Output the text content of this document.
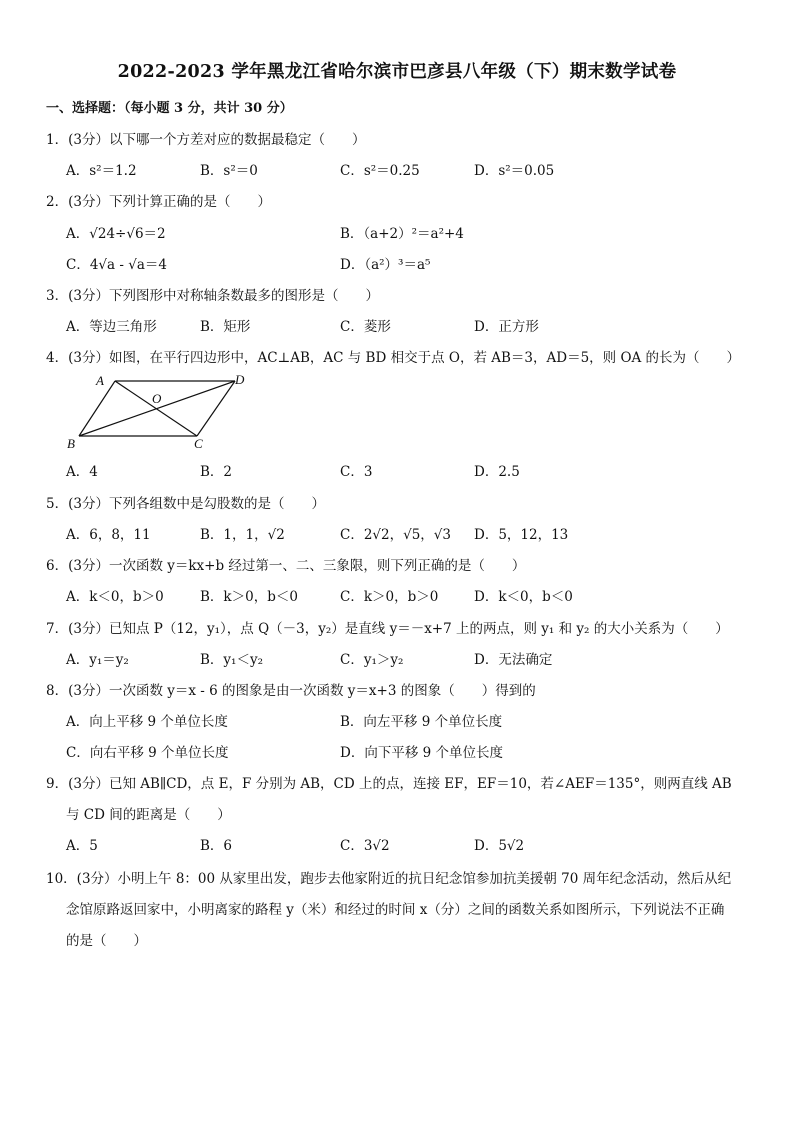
2022-2023 学年黑龙江省哈尔滨市巴彦县八年级（下）期末数学试卷
一、选择题：（每小题 3 分，共计 30 分）
1．(3分）以下哪一个方差对应的数据最稳定（　　）
A．s²＝1.2	B．s²＝0	C．s²＝0.25	D．s²＝0.05
2．(3分）下列计算正确的是（　　）
A．√24÷√6＝2	B．（a+2）²＝a²+4
C．4√a - √a＝4	D．（a²）³＝a⁵
3．(3分）下列图形中对称轴条数最多的图形是（　　）
A．等边三角形	B．矩形	C．菱形	D．正方形
4．(3分）如图，在平行四边形中，AC⊥AB，AC 与 BD 相交于点 O，若 AB＝3，AD＝5，则 OA 的长为（　　）
A	D
O
B	C
A．4	B．2	C．3	D．2.5
5．(3分）下列各组数中是勾股数的是（　　）
A．6，8，11	B．1，1，√2	C．2√2，√5，√3 D．5，12，13
6．(3分）一次函数 y＝kx+b 经过第一、二、三象限，则下列正确的是（　　）
A．k＜0，b＞0	B．k＞0，b＜0	C．k＞0，b＞0	D．k＜0，b＜0
7．(3分）已知点 P（12，y₁），点 Q（－3，y₂）是直线 y＝－x+7 上的两点，则 y₁ 和 y₂ 的大小关系为（　　）
A．y₁＝y₂	B．y₁＜y₂	C．y₁＞y₂	D．无法确定
8．(3分）一次函数 y＝x - 6 的图象是由一次函数 y＝x+3 的图象（　　）得到的
A．向上平移 9 个单位长度	B．向左平移 9 个单位长度
C．向右平移 9 个单位长度	D．向下平移 9 个单位长度
9．(3分）已知 AB∥CD，点 E，F 分别为 AB，CD 上的点，连接 EF，EF＝10，若∠AEF＝135°，则两直线 AB
与 CD 间的距离是（　　）
A．5	B．6	C．3√2	D．5√2
10．(3分）小明上午 8：00 从家里出发，跑步去他家附近的抗日纪念馆参加抗美援朝 70 周年纪念活动，然后从纪
念馆原路返回家中，小明离家的路程 y（米）和经过的时间 x（分）之间的函数关系如图所示，下列说法不正确
的是（　　）
